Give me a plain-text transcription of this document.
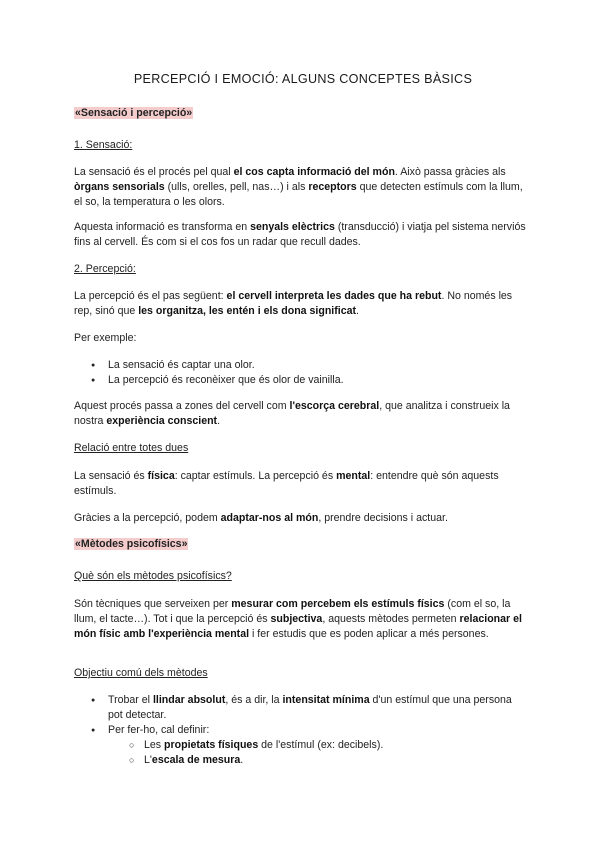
PERCEPCIÓ I EMOCIÓ: ALGUNS CONCEPTES BÀSICS
«Sensació i percepció»
1. Sensació:
La sensació és el procés pel qual el cos capta informació del món. Això passa gràcies als òrgans sensorials (ulls, orelles, pell, nas…) i als receptors que detecten estímuls com la llum, el so, la temperatura o les olors.
Aquesta informació es transforma en senyals elèctrics (transducció) i viatja pel sistema nerviós fins al cervell. És com si el cos fos un radar que recull dades.
2. Percepció:
La percepció és el pas següent: el cervell interpreta les dades que ha rebut. No només les rep, sinó que les organitza, les entén i els dona significat.
Per exemple:
● La sensació és captar una olor.
● La percepció és reconèixer que és olor de vainilla.
Aquest procés passa a zones del cervell com l'escorça cerebral, que analitza i construeix la nostra experiència conscient.
Relació entre totes dues
La sensació és física: captar estímuls. La percepció és mental: entendre què són aquests estímuls.
Gràcies a la percepció, podem adaptar-nos al món, prendre decisions i actuar.
«Mètodes psicofísics»
Què són els mètodes psicofísics?
Són tècniques que serveixen per mesurar com percebem els estímuls físics (com el so, la llum, el tacte…). Tot i que la percepció és subjectiva, aquests mètodes permeten relacionar el món físic amb l'experiència mental i fer estudis que es poden aplicar a més persones.
Objectiu comú dels mètodes
● Trobar el llindar absolut, és a dir, la intensitat mínima d'un estímul que una persona pot detectar.
● Per fer-ho, cal definir:
○ Les propietats físiques de l'estímul (ex: decibels).
○ L'escala de mesura.
